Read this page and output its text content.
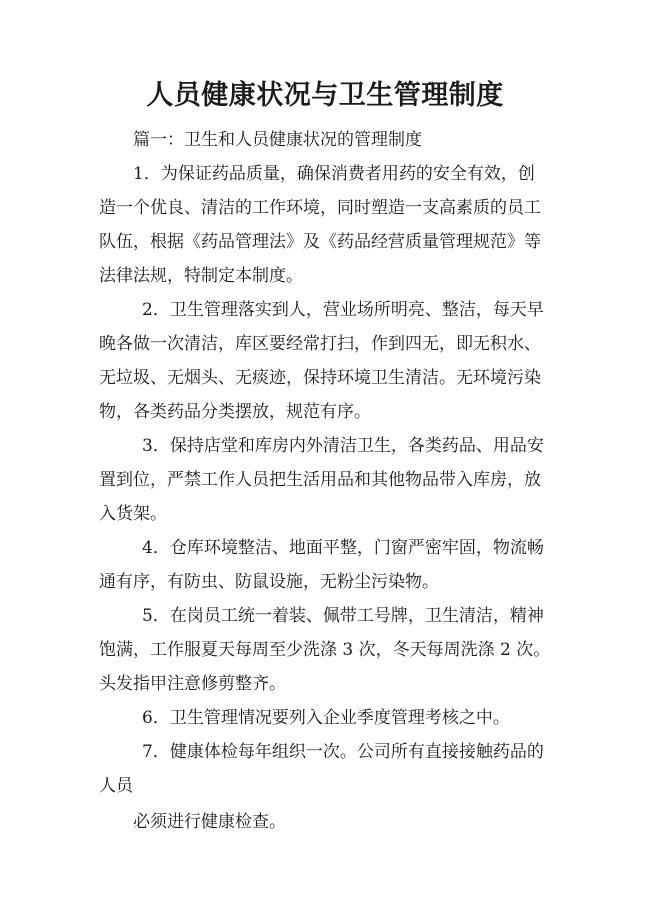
人员健康状况与卫生管理制度
篇一：卫生和人员健康状况的管理制度
1．为保证药品质量，确保消费者用药的安全有效，创
造一个优良、清洁的工作环境，同时塑造一支高素质的员工
队伍，根据《药品管理法》及《药品经营质量管理规范》等
法律法规，特制定本制度。
2．卫生管理落实到人，营业场所明亮、整洁，每天早
晚各做一次清洁，库区要经常打扫，作到四无，即无积水、
无垃圾、无烟头、无痰迹，保持环境卫生清洁。无环境污染
物，各类药品分类摆放，规范有序。
3．保持店堂和库房内外清洁卫生，各类药品、用品安
置到位，严禁工作人员把生活用品和其他物品带入库房，放
入货架。
4．仓库环境整洁、地面平整，门窗严密牢固，物流畅
通有序，有防虫、防鼠设施，无粉尘污染物。
5．在岗员工统一着装、佩带工号牌，卫生清洁，精神
饱满，工作服夏天每周至少洗涤 3 次，冬天每周洗涤 2 次。
头发指甲注意修剪整齐。
6．卫生管理情况要列入企业季度管理考核之中。
7．健康体检每年组织一次。公司所有直接接触药品的
人员
必须进行健康检查。
